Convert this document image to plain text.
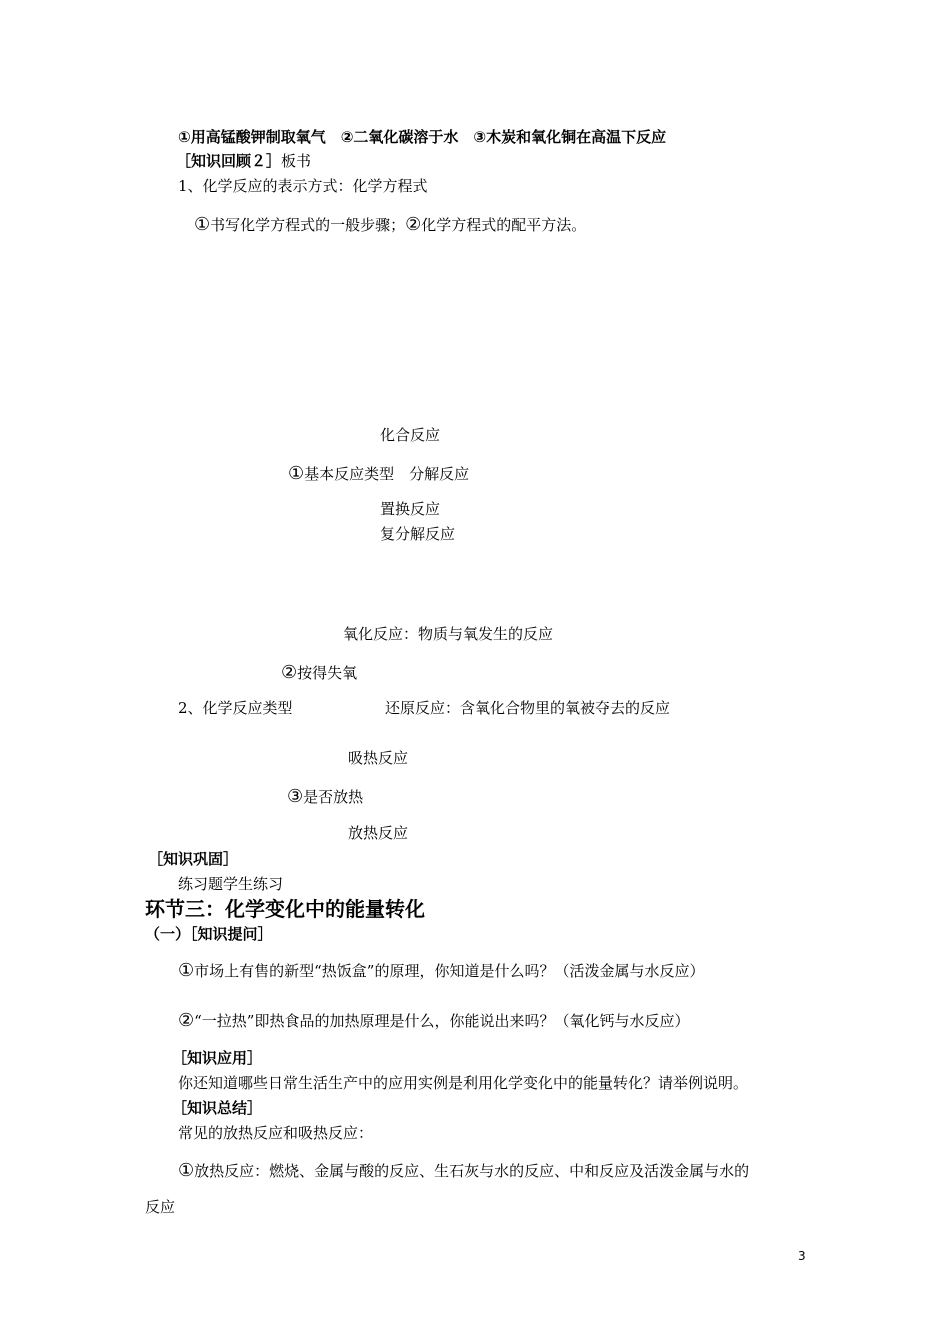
①用高锰酸钾制取氧气　②二氧化碳溶于水　③木炭和氧化铜在高温下反应
［知识回顾２］板书
1、化学反应的表示方式：化学方程式
①书写化学方程式的一般步骤；②化学方程式的配平方法。
化合反应
①基本反应类型　分解反应
置换反应
复分解反应
氧化反应：物质与氧发生的反应
②按得失氧
2、化学反应类型	还原反应：含氧化合物里的氧被夺去的反应
吸热反应
③是否放热
放热反应
［知识巩固］
练习题学生练习
环节三：化学变化中的能量转化
（一）［知识提问］
①市场上有售的新型“热饭盒”的原理，你知道是什么吗？（活泼金属与水反应）
②“一拉热”即热食品的加热原理是什么，你能说出来吗？（氧化钙与水反应）
［知识应用］
你还知道哪些日常生活生产中的应用实例是利用化学变化中的能量转化？请举例说明。
［知识总结］
常见的放热反应和吸热反应：
①放热反应：燃烧、金属与酸的反应、生石灰与水的反应、中和反应及活泼金属与水的
反应
3
